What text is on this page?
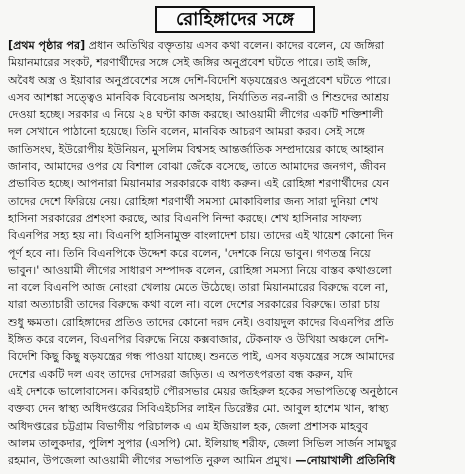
রোহিঙ্গাদের সঙ্গে
[প্রথম পৃষ্ঠার পর] প্রধান অতিথির বক্তৃতায় এসব কথা বলেন। কাদের বলেন, যে জঙ্গিরা
মিয়ানমারের সংকট, শরণার্থীদের সঙ্গে সেই জঙ্গির অনুপ্রবেশ ঘটতে পারে। তাই জঙ্গি,
অবৈধ অস্ত্র ও ইয়াবার অনুপ্রবেশের সঙ্গে দেশি-বিদেশি ষড়যন্ত্রেরও অনুপ্রবেশ ঘটতে পারে।
এসব আশঙ্কা সত্ত্বেও মানবিক বিবেচনায় অসহায়, নির্যাতিত নর-নারী ও শিশুদের আশ্রয়
দেওয়া হচ্ছে। সরকার এ নিয়ে ২৪ ঘণ্টা কাজ করছে। আওয়ামী লীগের একটি শক্তিশালী
দল সেখানে পাঠানো হয়েছে। তিনি বলেন, মানবিক আচরণ আমরা করব। সেই সঙ্গে
জাতিসংঘ, ইউরোপীয় ইউনিয়ন, মুসলিম বিশ্বসহ আন্তর্জাতিক সম্প্রদায়ের কাছে আহ্বান
জানাব, আমাদের ওপর যে বিশাল বোঝা জেঁকে বসেছে, তাতে আমাদের জনগণ, জীবন
প্রভাবিত হচ্ছে। আপনারা মিয়ানমার সরকারকে বাধ্য করুন। এই রোহিঙ্গা শরণার্থীদের যেন
তাদের দেশে ফিরিয়ে নেয়। রোহিঙ্গা শরণার্থী সমস্যা মোকাবিলার জন্য সারা দুনিয়া শেখ
হাসিনা সরকারের প্রশংসা করছে, আর বিএনপি নিন্দা করছে। শেখ হাসিনার সাফল্য
বিএনপির সহ্য হয় না। বিএনপি হাসিনামুক্ত বাংলাদেশ চায়। তাদের এই খায়েশ কোনো দিন
পূর্ণ হবে না। তিনি বিএনপিকে উদ্দেশ করে বলেন, 'দেশকে নিয়ে ভাবুন। গণতন্ত্র নিয়ে
ভাবুন।' আওয়ামী লীগের সাধারণ সম্পাদক বলেন, রোহিঙ্গা সমস্যা নিয়ে বাস্তব কথাগুলো
না বলে বিএনপি আজ নোংরা খেলায় মেতে উঠেছে। তারা মিয়ানমারের বিরুদ্ধে বলে না,
যারা অত্যাচারী তাদের বিরুদ্ধে কথা বলে না। বলে দেশের সরকারের বিরুদ্ধে। তারা চায়
শুধু ক্ষমতা। রোহিঙ্গাদের প্রতিও তাদের কোনো দরদ নেই। ওবায়দুল কাদের বিএনপির প্রতি
ইঙ্গিত করে বলেন, বিএনপির বিরুদ্ধে নিয়ে কক্সবাজার, টেকনাফ ও উখিয়া অঞ্চলে দেশি-
বিদেশি কিছু কিছু ষড়যন্ত্রের গন্ধ পাওয়া যাচ্ছে। শুনতে পাই, এসব ষড়যন্ত্রের সঙ্গে আমাদের
দেশের একটি দল এবং তাদের দোসররা জড়িত। এ অপতৎপরতা বন্ধ করুন, যদি
এই দেশকে ভালোবাসেন। কবিরহাট পৌরসভার মেয়র জহিরুল হকের সভাপতিত্বে অনুষ্ঠানে
বক্তব্য দেন স্বাস্থ্য অধিদপ্তরের সিবিএইচসির লাইন ডিরেক্টর মো. আবুল হাশেম খান, স্বাস্থ্য
অধিদপ্তরের চট্টগ্রাম বিভাগীয় পরিচালক এ এম ইজিয়াল হক, জেলা প্রশাসক মাহবুব
আলম তালুকদার, পুলিশ সুপার (এসপি) মো. ইলিয়াছ শরীফ, জেলা সিভিল সার্জন সামছুর
রহমান, উপজেলা আওয়ামী লীগের সভাপতি নুরুল আমিন প্রমুখ। —নোয়াখালী প্রতিনিধি
